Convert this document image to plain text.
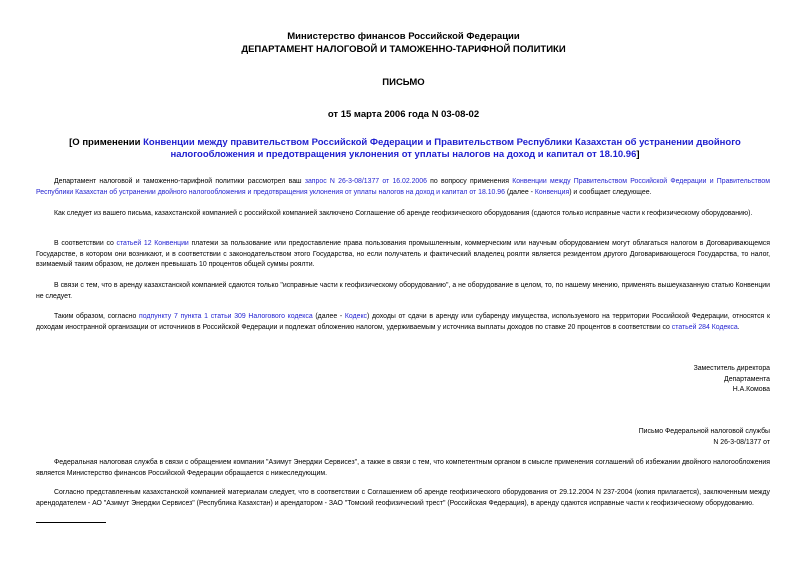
Министерство финансов Российской Федерации
ДЕПАРТАМЕНТ НАЛОГОВОЙ И ТАМОЖЕННО-ТАРИФНОЙ ПОЛИТИКИ
ПИСЬМО
от 15 марта 2006 года N 03-08-02
[О применении Конвенции между правительством Российской Федерации и Правительством Республики Казахстан об устранении двойного налогообложения и предотвращения уклонения от уплаты налогов на доход и капитал от 18.10.96]
Департамент налоговой и таможенно-тарифной политики рассмотрел ваш запрос N 26-3-08/1377 от 16.02.2006 по вопросу применения Конвенции между Правительством Российской Федерации и Правительством Республики Казахстан об устранении двойного налогообложения и предотвращения уклонения от уплаты налогов на доход и капитал от 18.10.96 (далее - Конвенция) и сообщает следующее.
Как следует из вашего письма, казахстанской компанией с российской компанией заключено Соглашение об аренде геофизического оборудования (сдаются только исправные части к геофизическому оборудованию).
В соответствии со статьей 12 Конвенции платежи за пользование или предоставление права пользования промышленным, коммерческим или научным оборудованием могут облагаться налогом в Договаривающемся Государстве, в котором они возникают, и в соответствии с законодательством этого Государства, но если получатель и фактический владелец роялти является резидентом другого Договаривающегося Государства, то налог, взимаемый таким образом, не должен превышать 10 процентов общей суммы роялти.
В связи с тем, что в аренду казахстанской компанией сдаются только "исправные части к геофизическому оборудованию", а не оборудование в целом, то, по нашему мнению, применять вышеуказанную статью Конвенции не следует.
Таким образом, согласно подпункту 7 пункта 1 статьи 309 Налогового кодекса (далее - Кодекс) доходы от сдачи в аренду или субаренду имущества, используемого на территории Российской Федерации, относятся к доходам иностранной организации от источников в Российской Федерации и подлежат обложению налогом, удерживаемым у источника выплаты доходов по ставке 20 процентов в соответствии со статьей 284 Кодекса.
Заместитель директора
Департамента
Н.А.Комова
Письмо Федеральной налоговой службы
N 26-3-08/1377 от
Федеральная налоговая служба в связи с обращением компании "Азимут Энерджи Сервисез", а также в связи с тем, что компетентным органом в смысле применения соглашений об избежании двойного налогообложения является Министерство финансов Российской Федерации обращается с нижеследующим.
Согласно представленным казахстанской компанией материалам следует, что в соответствии с Соглашением об аренде геофизического оборудования от 29.12.2004 N 237-2004 (копия прилагается), заключенным между арендодателем - АО "Азимут Энерджи Сервисез" (Республика Казахстан) и арендатором - ЗАО "Томский геофизический трест" (Российская Федерация), в аренду сдаются исправные части к геофизическому оборудованию.
